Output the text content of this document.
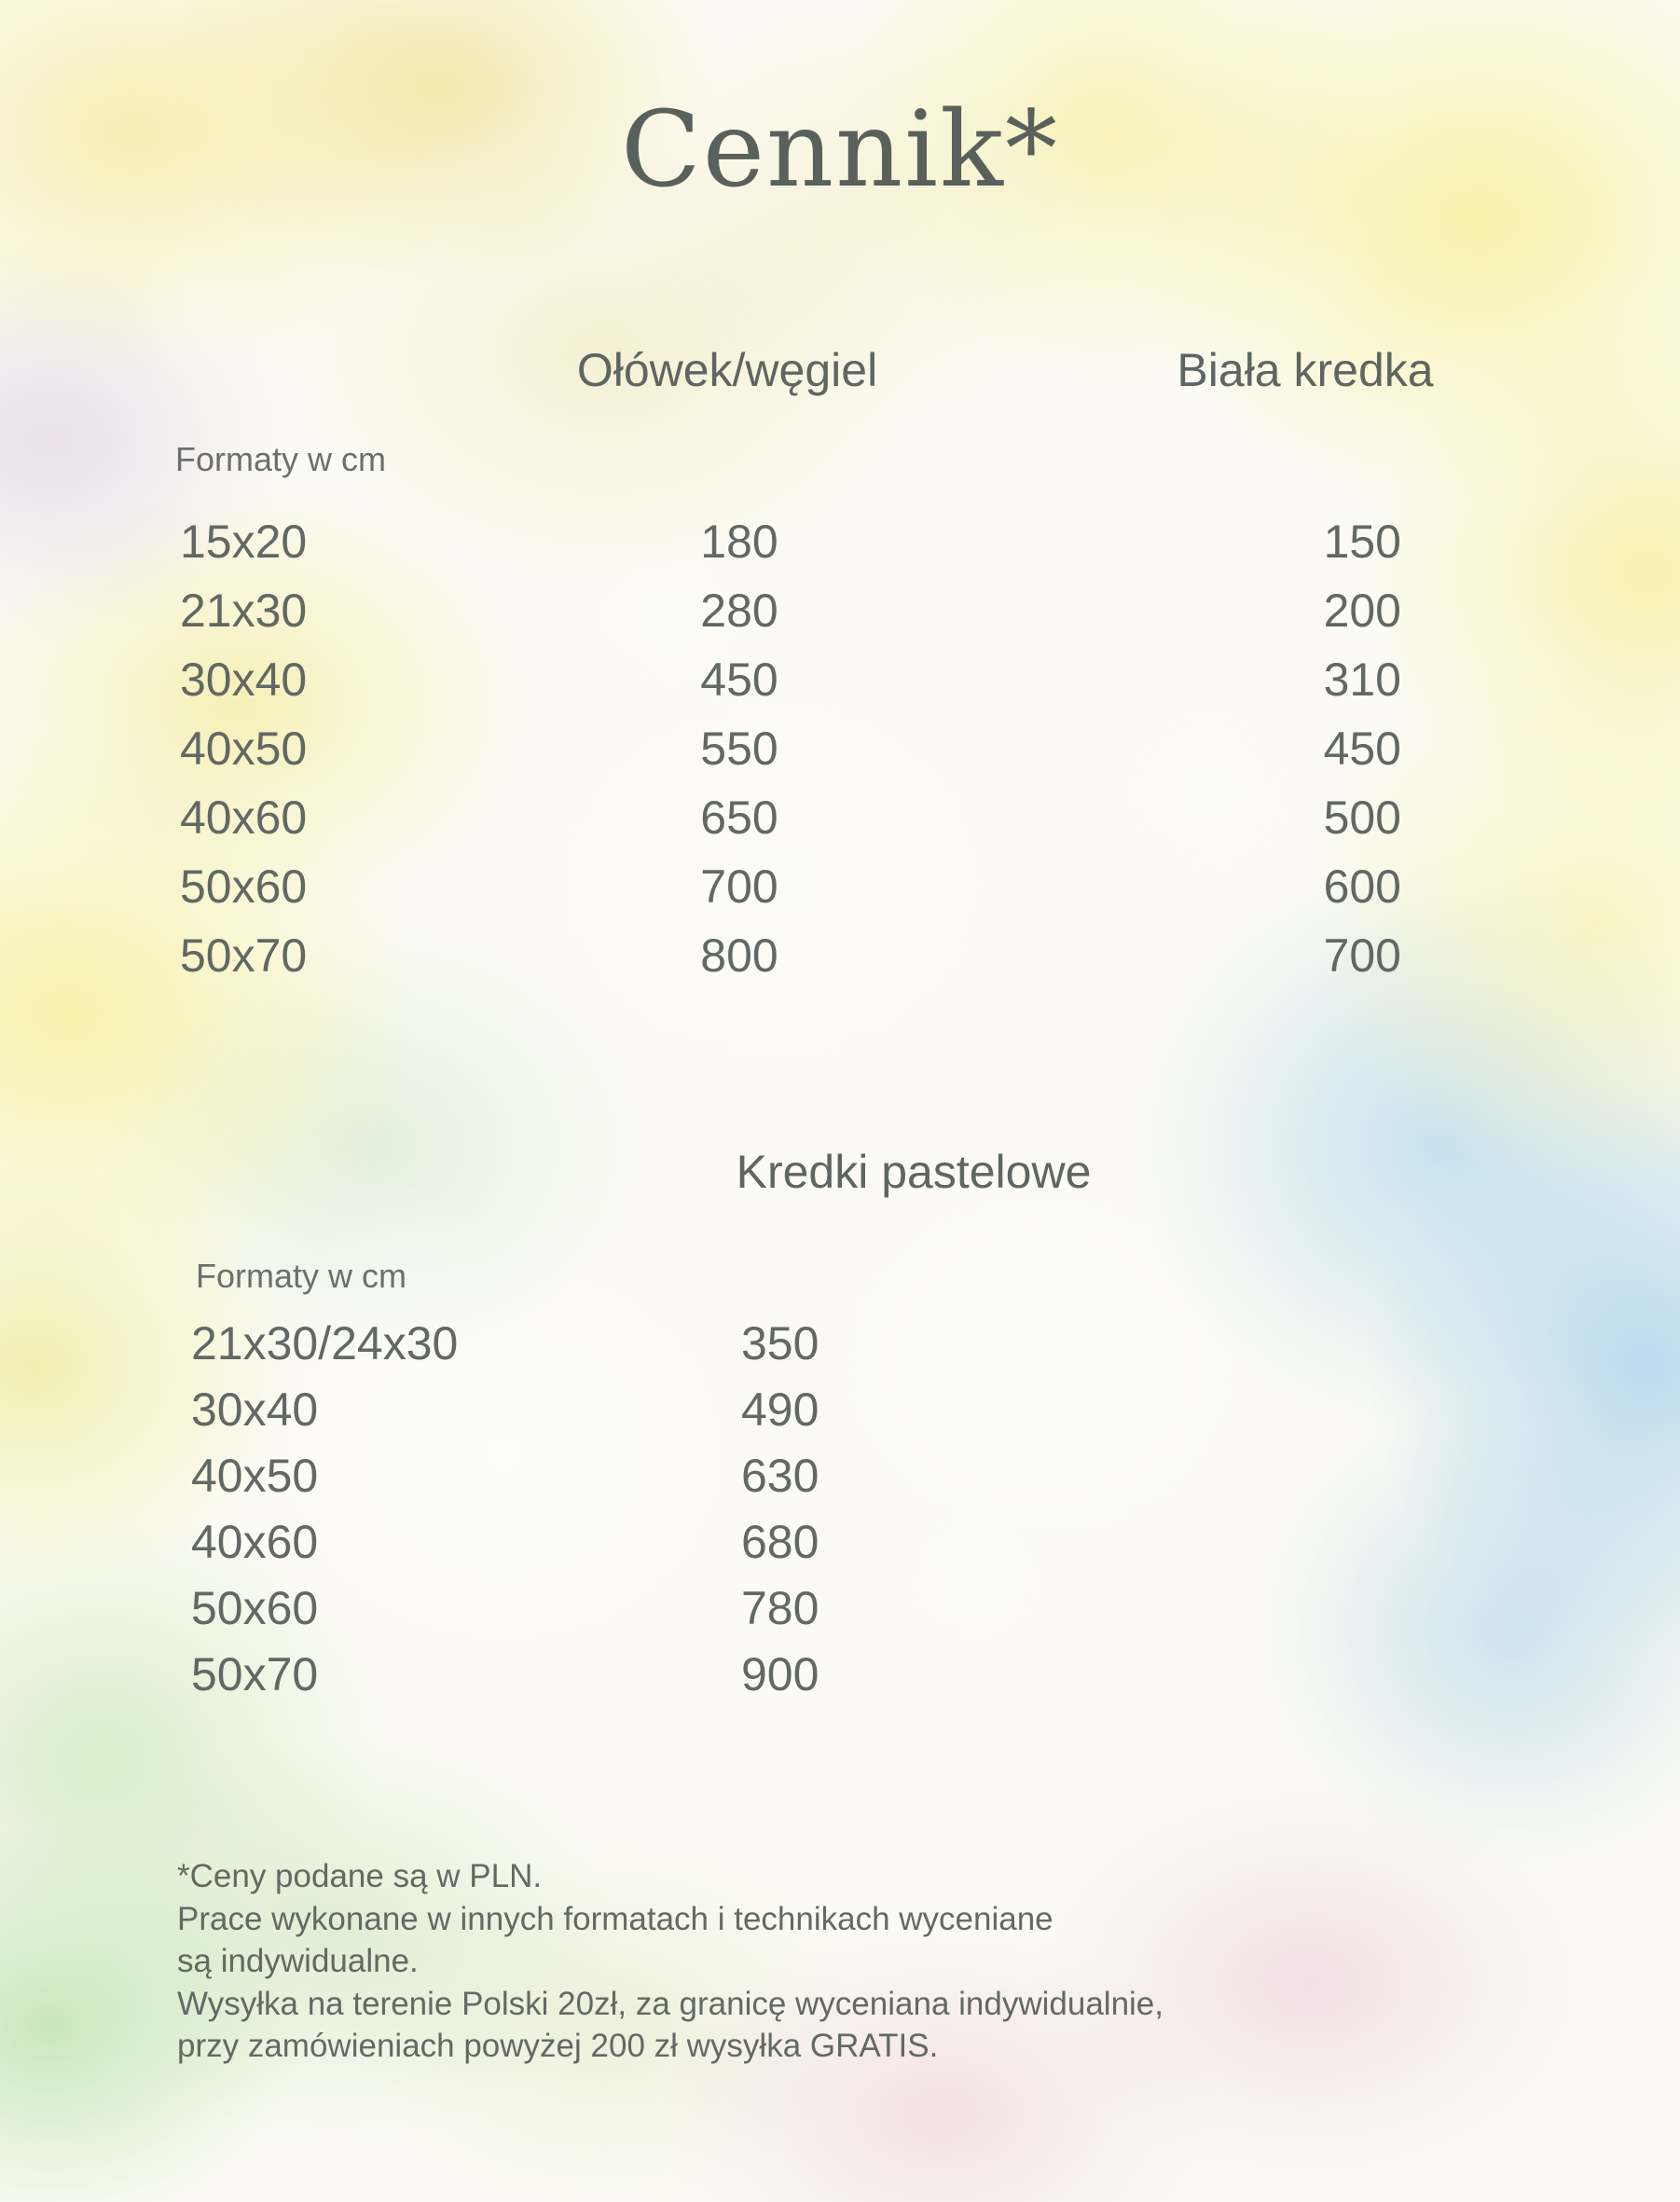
Cennik*
Ołówek/węgiel	Biała kredka
Formaty w cm
15x20	180	150
21x30	280	200
30x40	450	310
40x50	550	450
40x60	650	500
50x60	700	600
50x70	800	700
Kredki pastelowe
Formaty w cm
21x30/24x30	350
30x40	490
40x50	630
40x60	680
50x60	780
50x70	900
*Ceny podane są w PLN.
Prace wykonane w innych formatach i technikach wyceniane
są indywidualne.
Wysyłka na terenie Polski 20zł, za granicę wyceniana indywidualnie,
przy zamówieniach powyżej 200 zł wysyłka GRATIS.
